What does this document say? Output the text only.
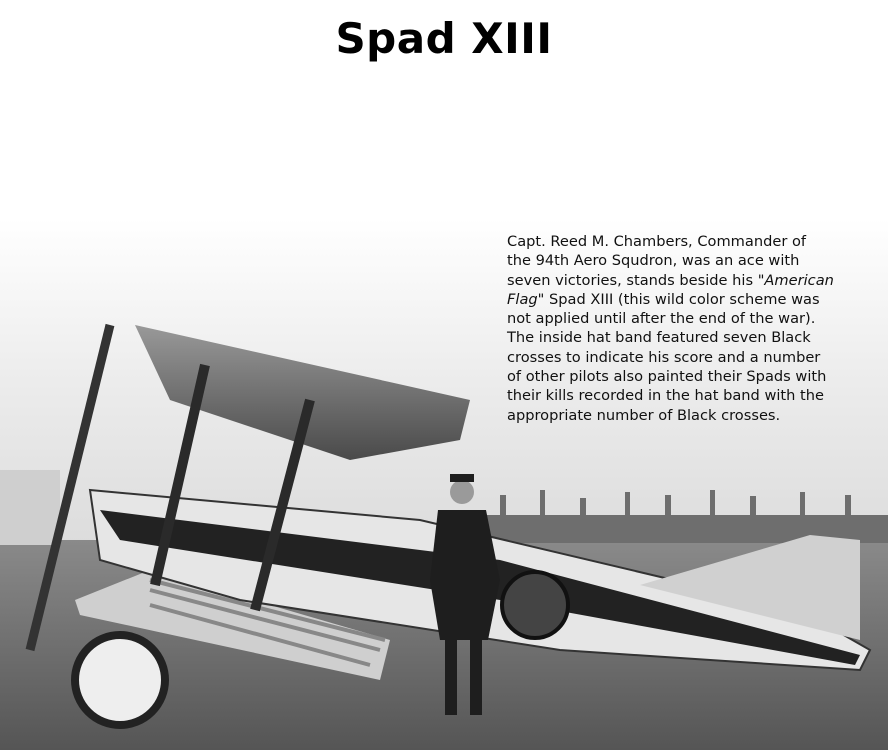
Spad XIII
Capt. Reed M. Chambers, Commander of
the 94th Aero Squdron, was an ace with
seven victories, stands beside his "American
Flag" Spad XIII (this wild color scheme was
not applied until after the end of the war).
The inside hat band featured seven Black
crosses to indicate his score and a number
of other pilots also painted their Spads with
their kills recorded in the hat band with the
appropriate number of Black crosses.
